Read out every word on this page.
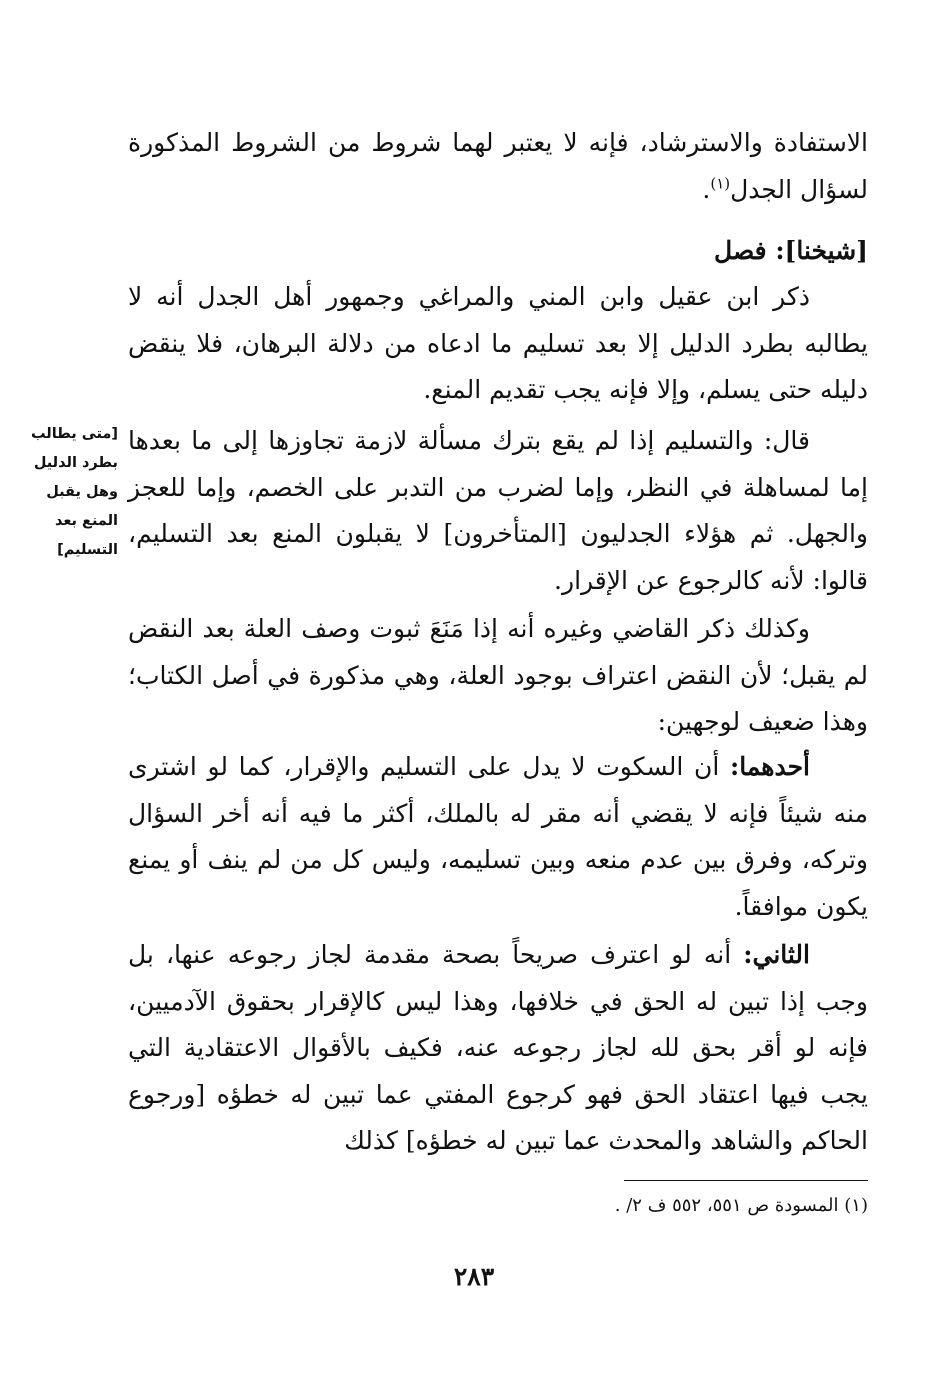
الاستفادة والاسترشاد، فإنه لا يعتبر لهما شروط من الشروط المذكورة لسؤال الجدل$^{(١)}$.

[شيخنا]: فصل

ذكر ابن عقيل وابن المني والمراغي وجمهور أهل الجدل أنه لا يطالبه بطرد الدليل إلا بعد تسليم ما ادعاه من دلالة البرهان، فلا ينقض دليله حتى يسلم، وإلا فإنه يجب تقديم المنع.

قال: والتسليم إذا لم يقع بترك مسألة لازمة تجاوزها إلى ما بعدها إما لمساهلة في النظر، وإما لضرب من التدبر على الخصم، وإما للعجز والجهل. ثم هؤلاء الجدليون [المتأخرون] لا يقبلون المنع بعد التسليم، قالوا: لأنه كالرجوع عن الإقرار.

[متى يطالب
بطرد الدليل
وهل يقبل
المنع بعد
التسليم]

وكذلك ذكر القاضي وغيره أنه إذا مَنَعَ ثبوت وصف العلة بعد النقض لم يقبل؛ لأن النقض اعتراف بوجود العلة، وهي مذكورة في أصل الكتاب؛ وهذا ضعيف لوجهين:

أحدهما: أن السكوت لا يدل على التسليم والإقرار، كما لو اشترى منه شيئاً فإنه لا يقضي أنه مقر له بالملك، أكثر ما فيه أنه أخر السؤال وتركه، وفرق بين عدم منعه وبين تسليمه، وليس كل من لم ينف أو يمنع يكون موافقاً.

الثاني: أنه لو اعترف صريحاً بصحة مقدمة لجاز رجوعه عنها، بل وجب إذا تبين له الحق في خلافها، وهذا ليس كالإقرار بحقوق الآدميين، فإنه لو أقر بحق لله لجاز رجوعه عنه، فكيف بالأقوال الاعتقادية التي يجب فيها اعتقاد الحق فهو كرجوع المفتي عما تبين له خطؤه [ورجوع الحاكم والشاهد والمحدث عما تبين له خطؤه] كذلك

(١) المسودة ص ٥٥١، ٥٥٢ ف ٢/ .
٢٨٣
